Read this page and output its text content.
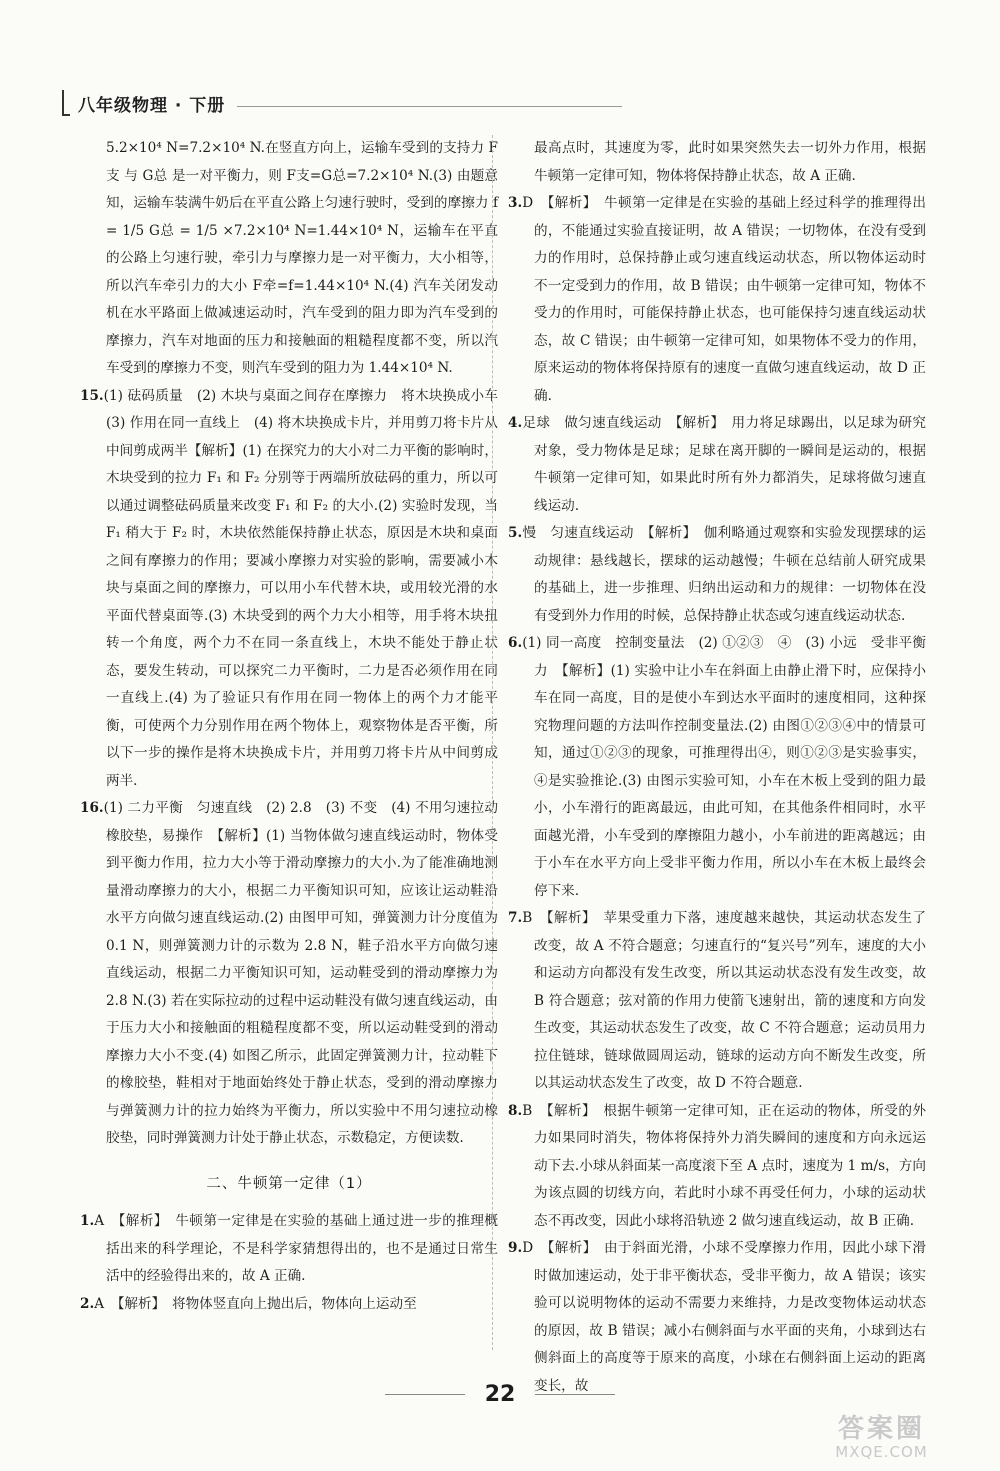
八年级物理 · 下册

5.2×10⁴ N=7.2×10⁴ N.在竖直方向上，运输车受到的支持力 F支 与 G总 是一对平衡力，则 F支=G总=7.2×10⁴ N.(3) 由题意知，运输车装满牛奶后在平直公路上匀速行驶时，受到的摩擦力 f = 1/5 G总 = 1/5 ×7.2×10⁴ N=1.44×10⁴ N，运输车在平直的公路上匀速行驶，牵引力与摩擦力是一对平衡力，大小相等，所以汽车牵引力的大小 F牵=f=1.44×10⁴ N.(4) 汽车关闭发动机在水平路面上做减速运动时，汽车受到的阻力即为汽车受到的摩擦力，汽车对地面的压力和接触面的粗糙程度都不变，所以汽车受到的摩擦力不变，则汽车受到的阻力为 1.44×10⁴ N.

15.(1) 砝码质量　(2) 木块与桌面之间存在摩擦力　将木块换成小车　(3) 作用在同一直线上　(4) 将木块换成卡片，并用剪刀将卡片从中间剪成两半【解析】(1) 在探究力的大小对二力平衡的影响时，木块受到的拉力 F₁ 和 F₂ 分别等于两端所放砝码的重力，所以可以通过调整砝码质量来改变 F₁ 和 F₂ 的大小.(2) 实验时发现，当 F₁ 稍大于 F₂ 时，木块依然能保持静止状态，原因是木块和桌面之间有摩擦力的作用；要减小摩擦力对实验的影响，需要减小木块与桌面之间的摩擦力，可以用小车代替木块，或用较光滑的水平面代替桌面等.(3) 木块受到的两个力大小相等，用手将木块扭转一个角度，两个力不在同一条直线上，木块不能处于静止状态，要发生转动，可以探究二力平衡时，二力是否必须作用在同一直线上.(4) 为了验证只有作用在同一物体上的两个力才能平衡，可使两个力分别作用在两个物体上，观察物体是否平衡，所以下一步的操作是将木块换成卡片，并用剪刀将卡片从中间剪成两半.

16.(1) 二力平衡　匀速直线　(2) 2.8　(3) 不变　(4) 不用匀速拉动橡胶垫，易操作　【解析】(1) 当物体做匀速直线运动时，物体受到平衡力作用，拉力大小等于滑动摩擦力的大小.为了能准确地测量滑动摩擦力的大小，根据二力平衡知识可知，应该让运动鞋沿水平方向做匀速直线运动.(2) 由图甲可知，弹簧测力计分度值为 0.1 N，则弹簧测力计的示数为 2.8 N，鞋子沿水平方向做匀速直线运动，根据二力平衡知识可知，运动鞋受到的滑动摩擦力为 2.8 N.(3) 若在实际拉动的过程中运动鞋没有做匀速直线运动，由于压力大小和接触面的粗糙程度都不变，所以运动鞋受到的滑动摩擦力大小不变.(4) 如图乙所示，此固定弹簧测力计，拉动鞋下的橡胶垫，鞋相对于地面始终处于静止状态，受到的滑动摩擦力与弹簧测力计的拉力始终为平衡力，所以实验中不用匀速拉动橡胶垫，同时弹簧测力计处于静止状态，示数稳定，方便读数.

二、牛顿第一定律（1）

1.A　【解析】　牛顿第一定律是在实验的基础上通过进一步的推理概括出来的科学理论，不是科学家猜想得出的，也不是通过日常生活中的经验得出来的，故 A 正确.

2.A　【解析】　将物体竖直向上抛出后，物体向上运动至

最高点时，其速度为零，此时如果突然失去一切外力作用，根据牛顿第一定律可知，物体将保持静止状态，故 A 正确.

3.D　【解析】　牛顿第一定律是在实验的基础上经过科学的推理得出的，不能通过实验直接证明，故 A 错误；一切物体，在没有受到力的作用时，总保持静止或匀速直线运动状态，所以物体运动时不一定受到力的作用，故 B 错误；由牛顿第一定律可知，物体不受力的作用时，可能保持静止状态，也可能保持匀速直线运动状态，故 C 错误；由牛顿第一定律可知，如果物体不受力的作用，原来运动的物体将保持原有的速度一直做匀速直线运动，故 D 正确.

4.足球　做匀速直线运动　【解析】　用力将足球踢出，以足球为研究对象，受力物体是足球；足球在离开脚的一瞬间是运动的，根据牛顿第一定律可知，如果此时所有外力都消失，足球将做匀速直线运动.

5.慢　匀速直线运动　【解析】　伽利略通过观察和实验发现摆球的运动规律：悬线越长，摆球的运动越慢；牛顿在总结前人研究成果的基础上，进一步推理、归纳出运动和力的规律：一切物体在没有受到外力作用的时候，总保持静止状态或匀速直线运动状态.

6.(1) 同一高度　控制变量法　(2) ①②③　④　(3) 小远　受非平衡力　【解析】(1) 实验中让小车在斜面上由静止滑下时，应保持小车在同一高度，目的是使小车到达水平面时的速度相同，这种探究物理问题的方法叫作控制变量法.(2) 由图①②③④中的情景可知，通过①②③的现象，可推理得出④，则①②③是实验事实，④是实验推论.(3) 由图示实验可知，小车在木板上受到的阻力最小，小车滑行的距离最远，由此可知，在其他条件相同时，水平面越光滑，小车受到的摩擦阻力越小，小车前进的距离越远；由于小车在水平方向上受非平衡力作用，所以小车在木板上最终会停下来.

7.B　【解析】　苹果受重力下落，速度越来越快，其运动状态发生了改变，故 A 不符合题意；匀速直行的“复兴号”列车，速度的大小和运动方向都没有发生改变，所以其运动状态没有发生改变，故 B 符合题意；弦对箭的作用力使箭飞速射出，箭的速度和方向发生改变，其运动状态发生了改变，故 C 不符合题意；运动员用力拉住链球，链球做圆周运动，链球的运动方向不断发生改变，所以其运动状态发生了改变，故 D 不符合题意.

8.B　【解析】　根据牛顿第一定律可知，正在运动的物体，所受的外力如果同时消失，物体将保持外力消失瞬间的速度和方向永远运动下去.小球从斜面某一高度滚下至 A 点时，速度为 1 m/s，方向为该点圆的切线方向，若此时小球不再受任何力，小球的运动状态不再改变，因此小球将沿轨迹 2 做匀速直线运动，故 B 正确.

9.D　【解析】　由于斜面光滑，小球不受摩擦力作用，因此小球下滑时做加速运动，处于非平衡状态，受非平衡力，故 A 错误；该实验可以说明物体的运动不需要力来维持，力是改变物体运动状态的原因，故 B 错误；减小右侧斜面与水平面的夹角，小球到达右侧斜面上的高度等于原来的高度，小球在右侧斜面上运动的距离变长，故

22
答案圈
MXQE.COM
